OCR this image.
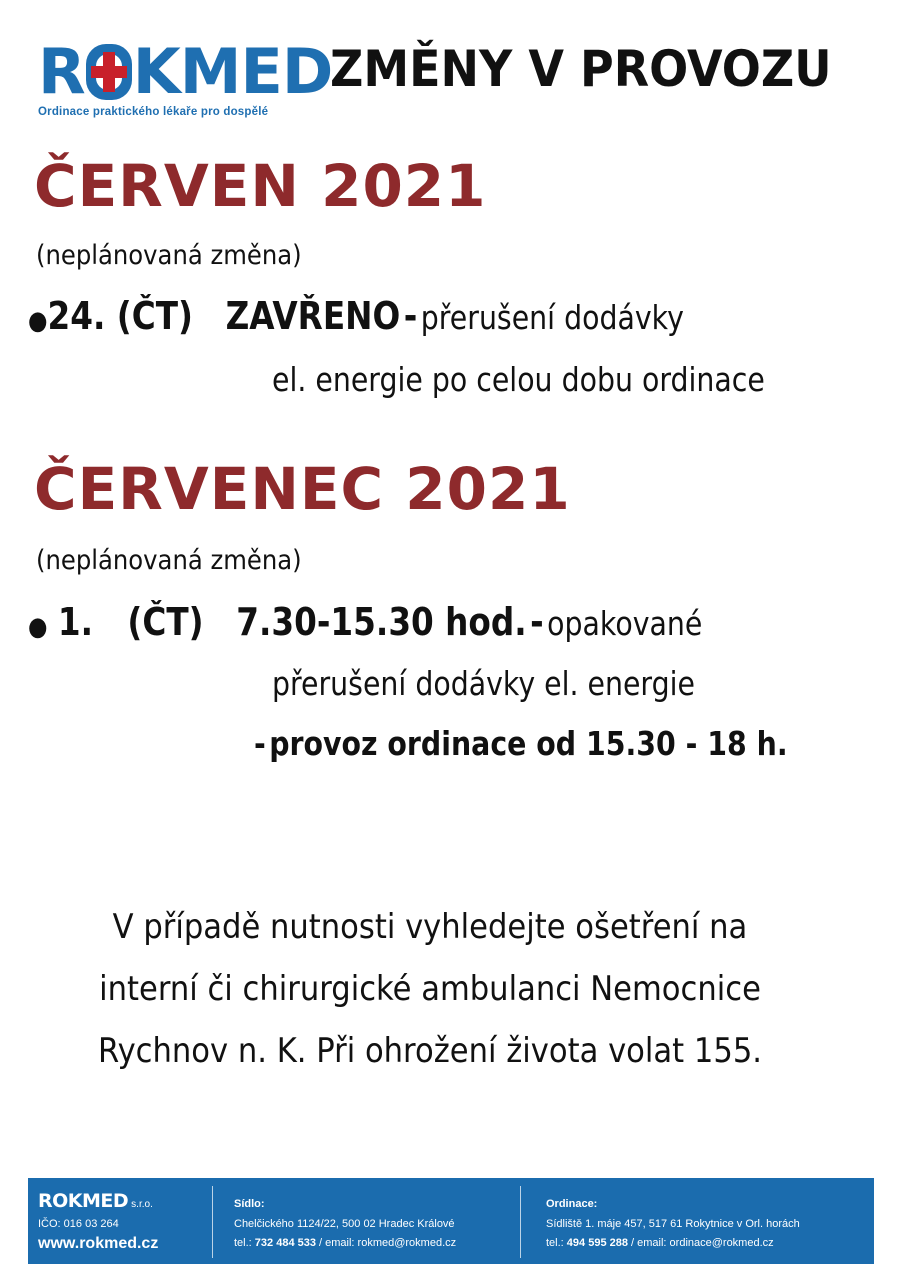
R KMED
Ordinace praktického lékaře pro dospělé
ZMĚNY V PROVOZU
ČERVEN 2021
(neplánovaná změna)
●24. (ČT) ZAVŘENO- přerušení dodávky
el. energie po celou dobu ordinace
ČERVENEC 2021
(neplánovaná změna)
● 1. (ČT) 7.30-15.30 hod.- opakované
přerušení dodávky el. energie
- provoz ordinace od 15.30 - 18 h.
V případě nutnosti vyhledejte ošetření na
interní či chirurgické ambulanci Nemocnice
Rychnov n. K. Při ohrožení života volat 155.
ROKMED s.r.o.
IČO: 016 03 264
www.rokmed.cz
Sídlo:
Chelčického 1124/22, 500 02 Hradec Králové
tel.: 732 484 533 / email: rokmed@rokmed.cz
Ordinace:
Sídliště 1. máje 457, 517 61 Rokytnice v Orl. horách
tel.: 494 595 288 / email: ordinace@rokmed.cz
